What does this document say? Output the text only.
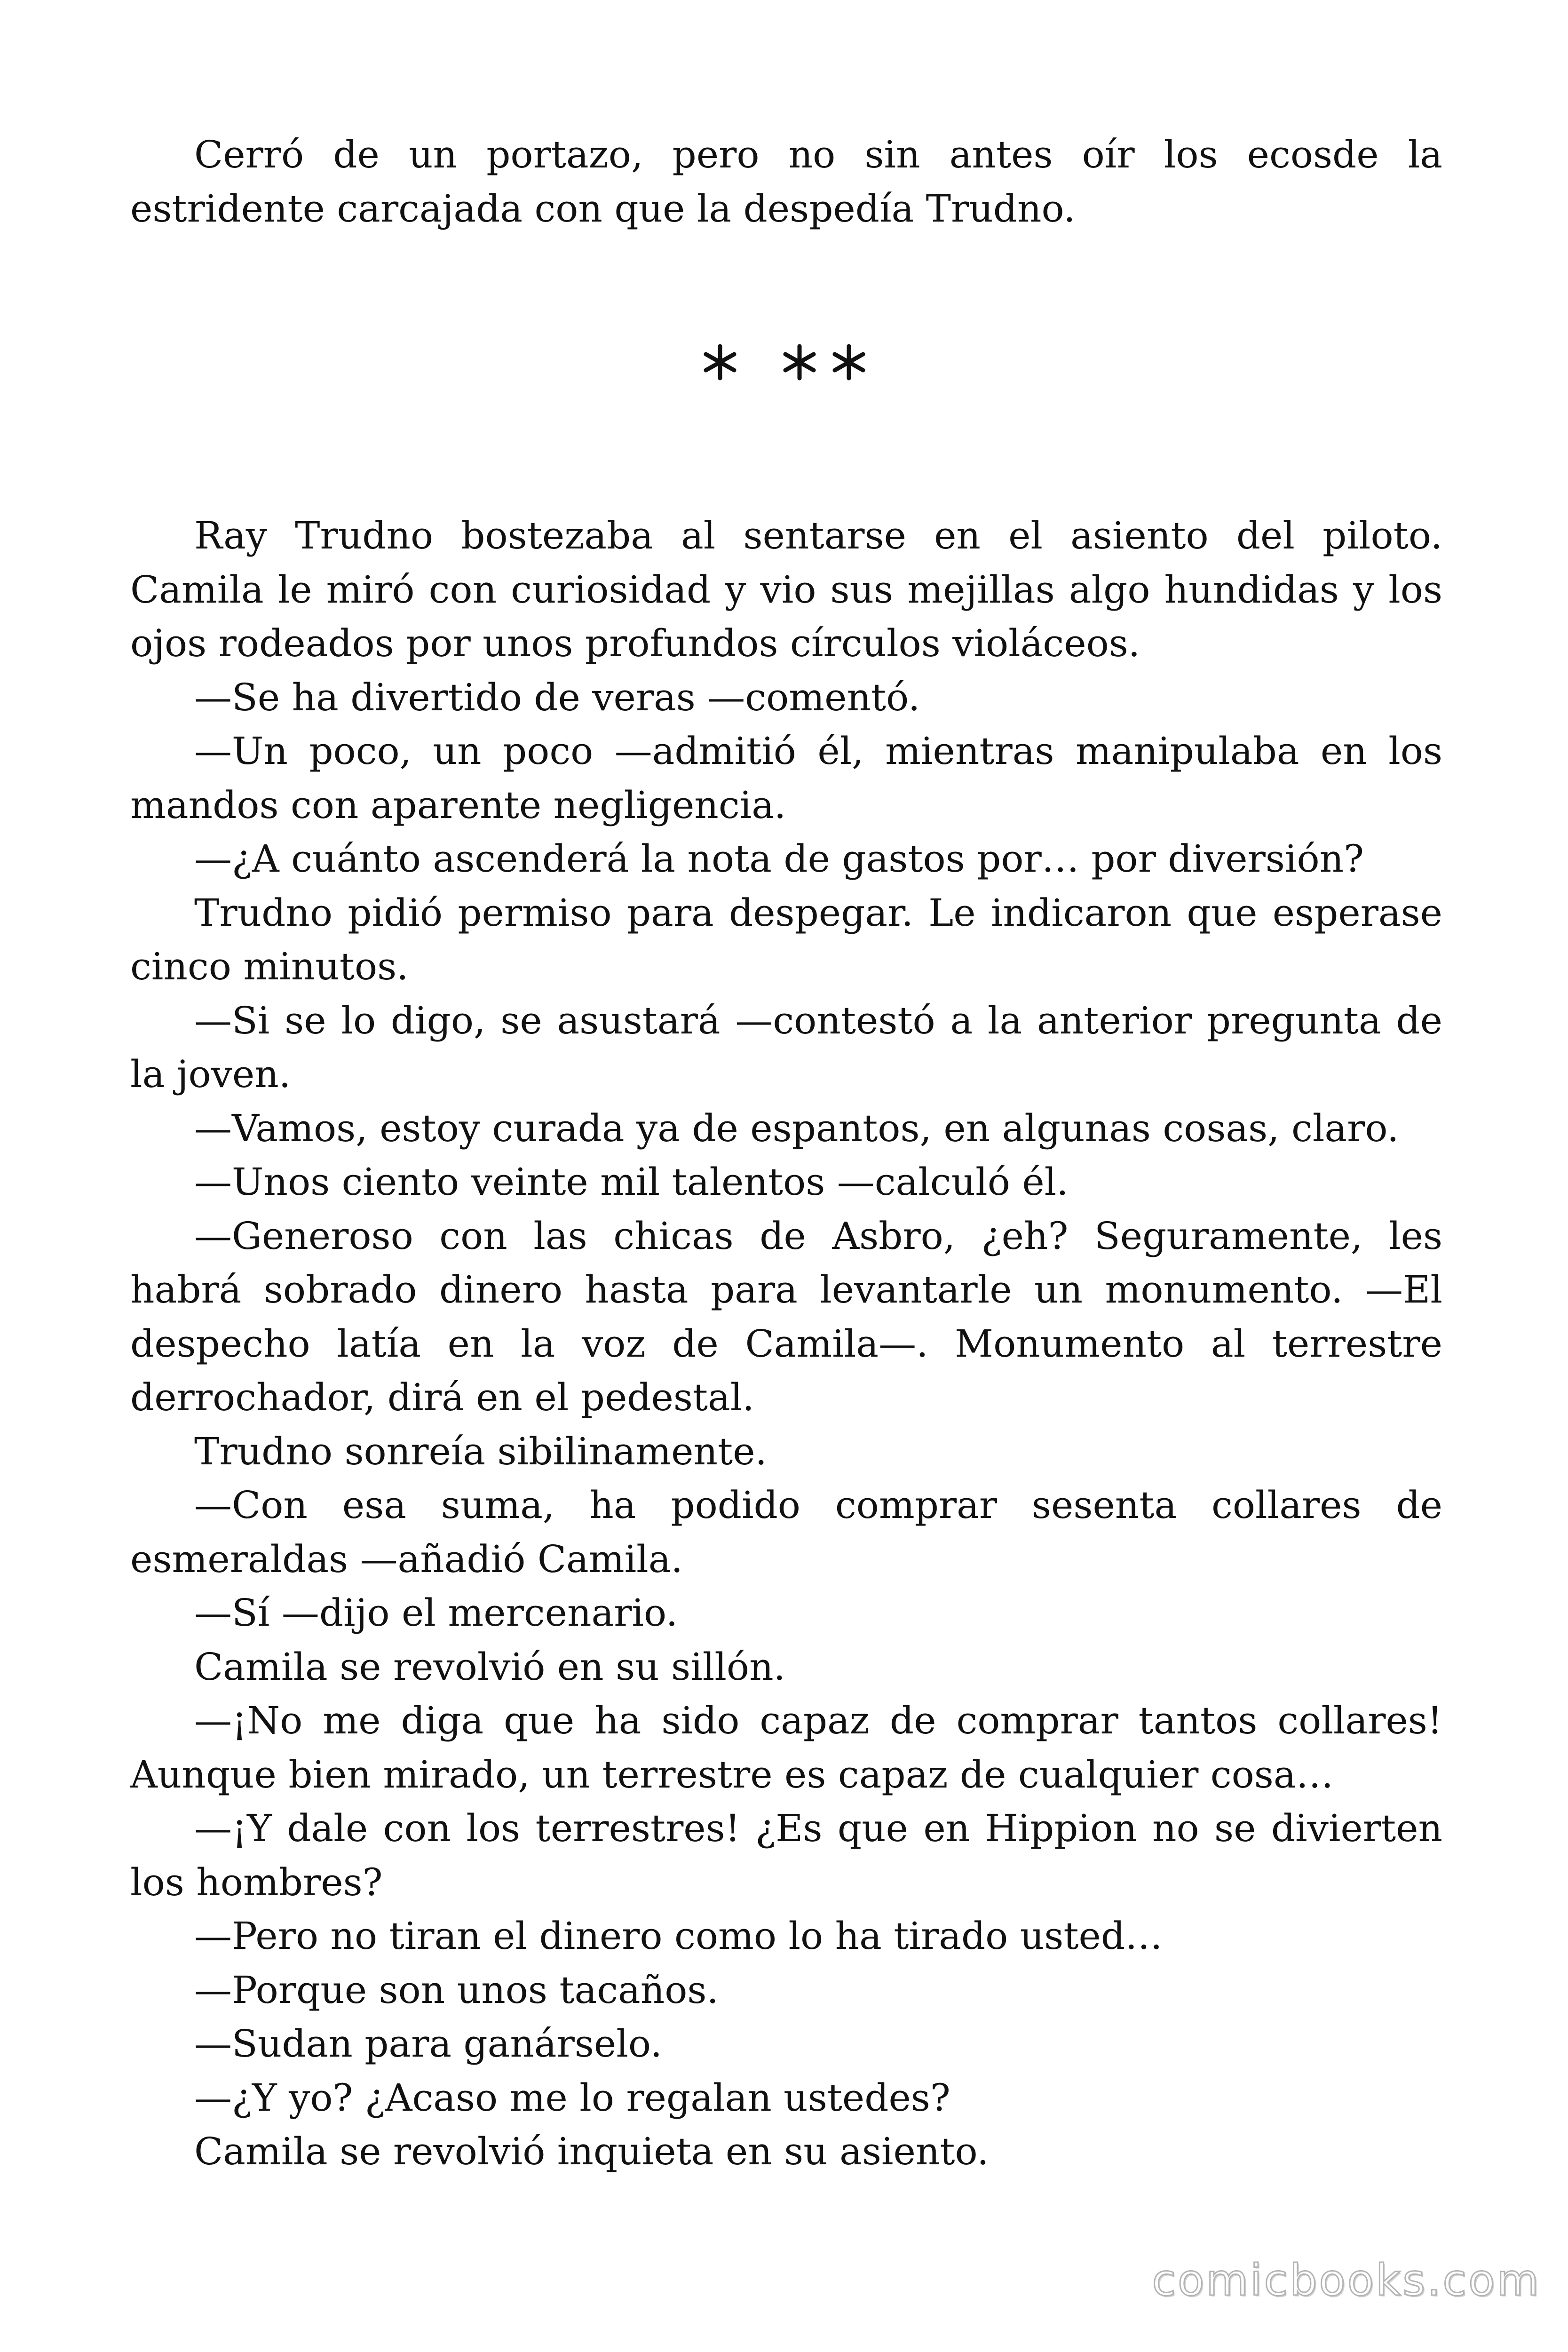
Cerró de un portazo, pero no sin antes oír los ecosde la estridente carcajada con que la despedía Trudno.

Ray Trudno bostezaba al sentarse en el asiento del piloto. Camila le miró con curiosidad y vio sus mejillas algo hundidas y los ojos rodeados por unos profundos círculos violáceos.

—Se ha divertido de veras —comentó.

—Un poco, un poco —admitió él, mientras manipulaba en los mandos con aparente negligencia.

—¿A cuánto ascenderá la nota de gastos por… por diversión?

Trudno pidió permiso para despegar. Le indicaron que esperase cinco minutos.

—Si se lo digo, se asustará —contestó a la anterior pregunta de la joven.

—Vamos, estoy curada ya de espantos, en algunas cosas, claro.

—Unos ciento veinte mil talentos —calculó él.

—Generoso con las chicas de Asbro, ¿eh? Seguramente, les habrá sobrado dinero hasta para levantarle un monumento. —El despecho latía en la voz de Camila—. Monumento al terrestre derrochador, dirá en el pedestal.

Trudno sonreía sibilinamente.

—Con esa suma, ha podido comprar sesenta collares de esmeraldas —añadió Camila.

—Sí —dijo el mercenario.

Camila se revolvió en su sillón.

—¡No me diga que ha sido capaz de comprar tantos collares! Aunque bien mirado, un terrestre es capaz de cualquier cosa…

—¡Y dale con los terrestres! ¿Es que en Hippion no se divierten los hombres?

—Pero no tiran el dinero como lo ha tirado usted…

—Porque son unos tacaños.

—Sudan para ganárselo.

—¿Y yo? ¿Acaso me lo regalan ustedes?

Camila se revolvió inquieta en su asiento.

comicbooks.com
